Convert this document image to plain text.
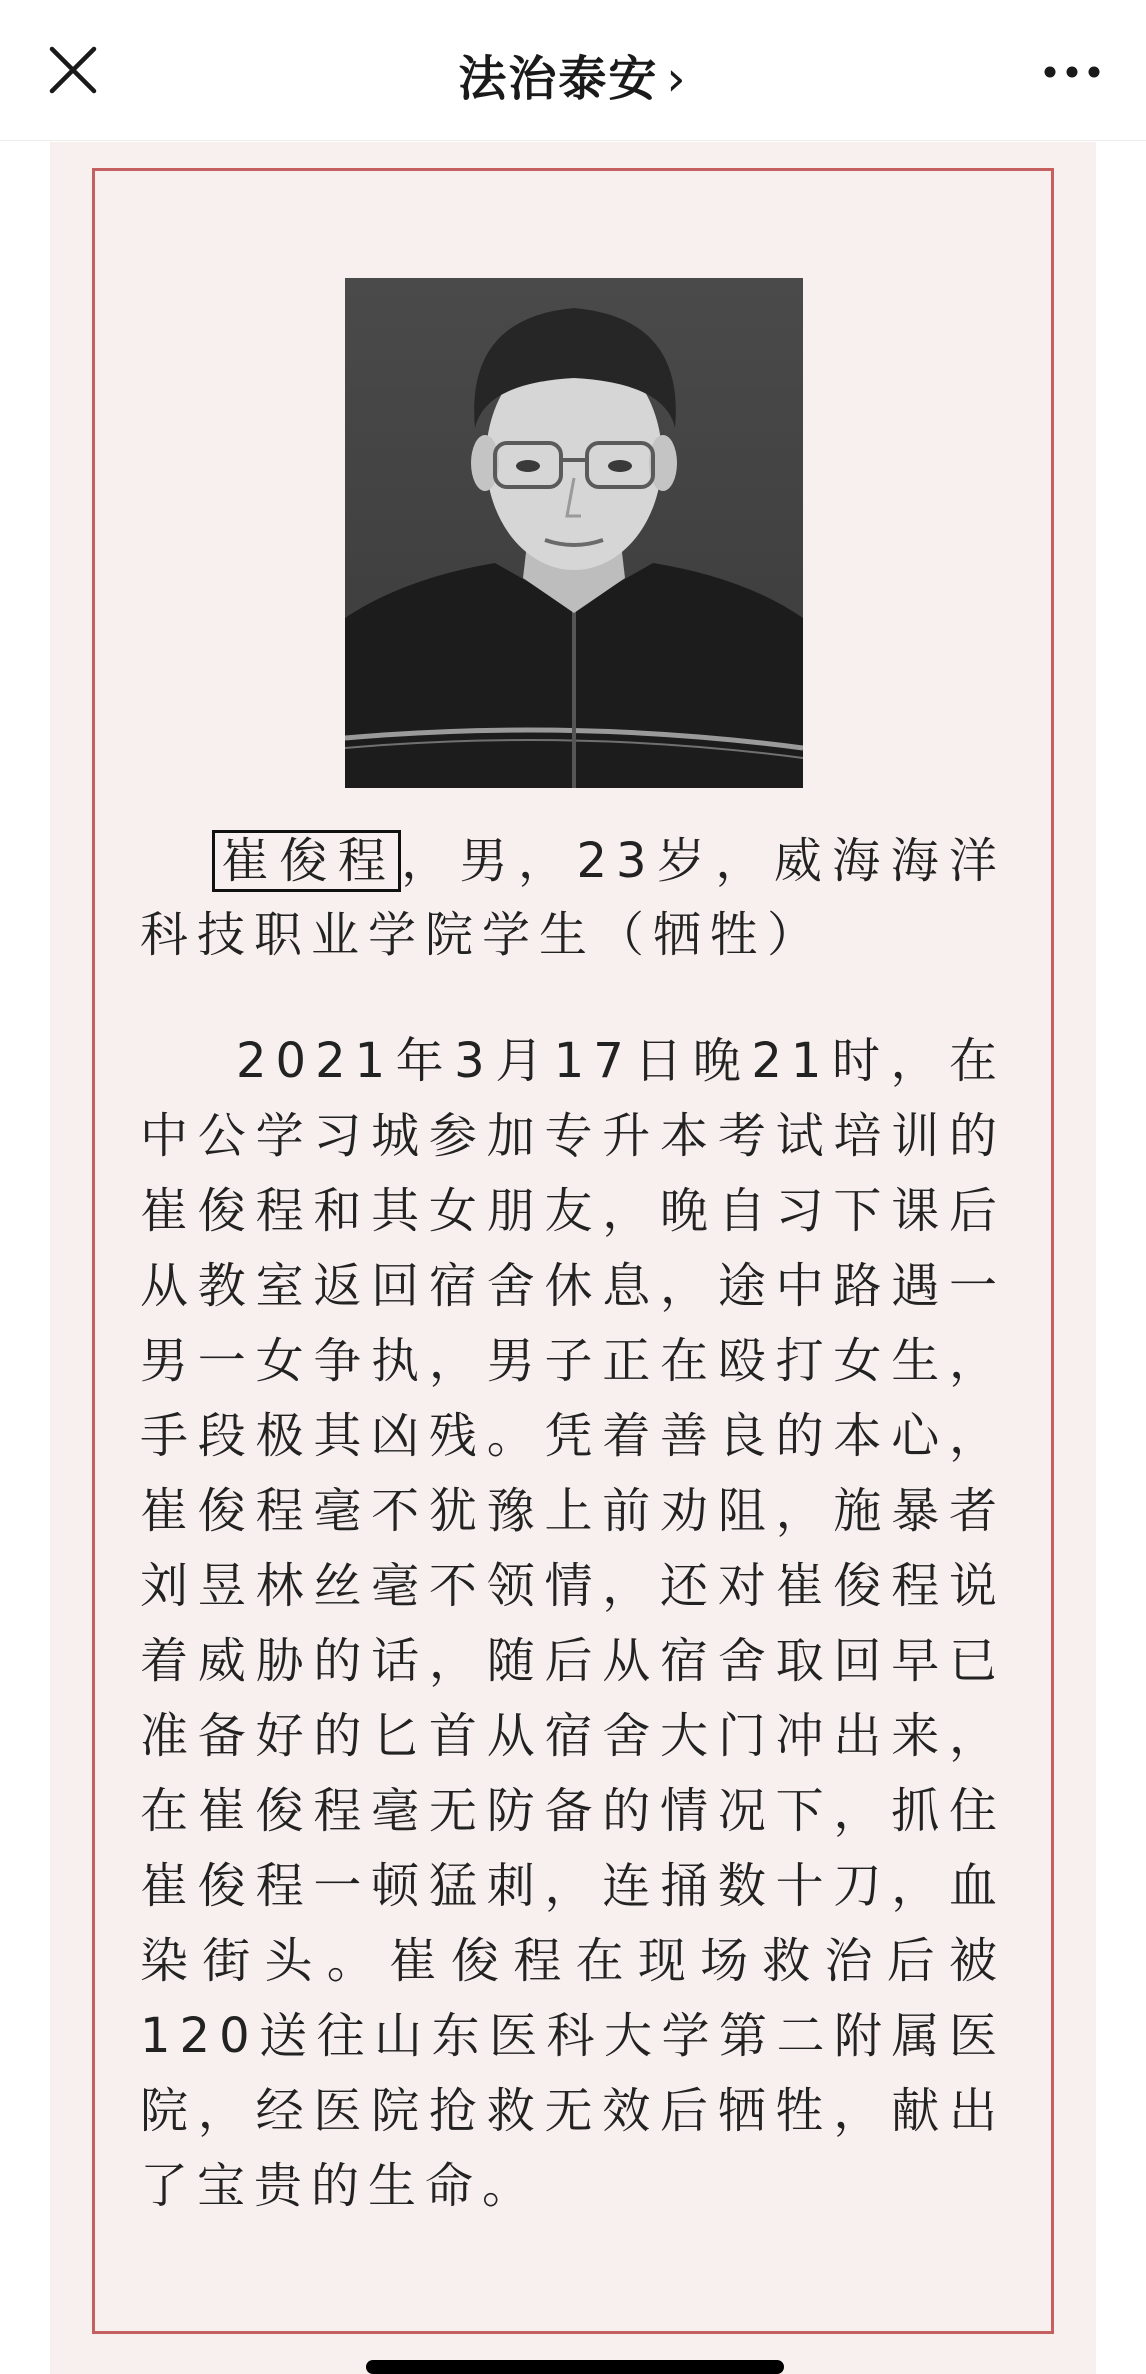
法治泰安 ›

崔俊程 ，男，23岁，威海海洋科技职业学院学生（牺牲）

2021年3月17日晚21时，在中公学习城参加专升本考试培训的崔俊程和其女朋友，晚自习下课后从教室返回宿舍休息，途中路遇一男一女争执，男子正在殴打女生，手段极其凶残。凭着善良的本心，崔俊程毫不犹豫上前劝阻，施暴者刘昱林丝毫不领情，还对崔俊程说着威胁的话，随后从宿舍取回早已准备好的匕首从宿舍大门冲出来，在崔俊程毫无防备的情况下，抓住崔俊程一顿猛刺，连捅数十刀，血染街头。崔俊程在现场救治后被120送往山东医科大学第二附属医院，经医院抢救无效后牺牲，献出了宝贵的生命。
